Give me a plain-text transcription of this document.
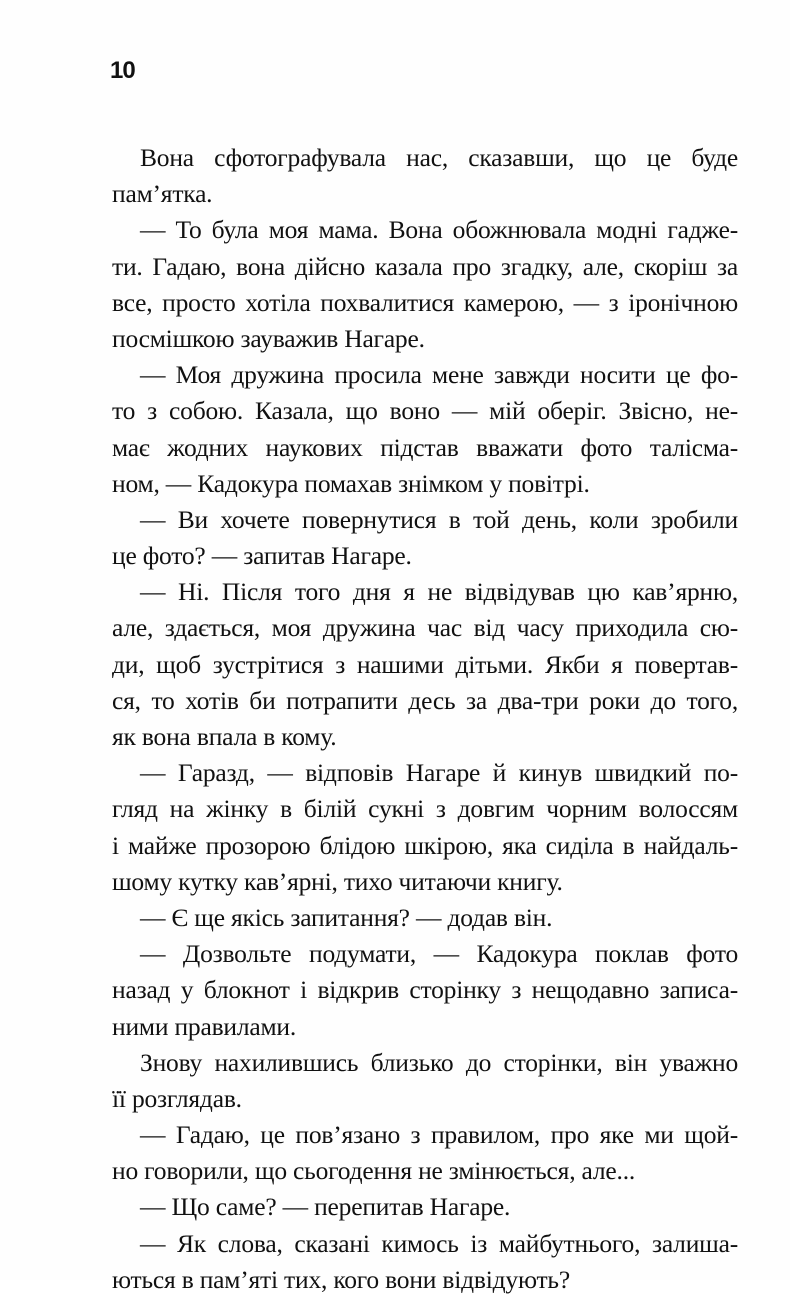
10
Вона сфотографувала нас, сказавши, що це буде
пам’ятка.
— То була моя мама. Вона обожнювала модні гадже-
ти. Гадаю, вона дійсно казала про згадку, але, скоріш за
все, просто хотіла похвалитися камерою, — з іронічною
посмішкою зауважив Нагаре.
— Моя дружина просила мене завжди носити це фо-
то з собою. Казала, що воно — мій оберіг. Звісно, не-
має жодних наукових підстав вважати фото талісма-
ном, — Кадокура помахав знімком у повітрі.
— Ви хочете повернутися в той день, коли зробили
це фото? — запитав Нагаре.
— Ні. Після того дня я не відвідував цю кав’ярню,
але, здається, моя дружина час від часу приходила сю-
ди, щоб зустрітися з нашими дітьми. Якби я повертав-
ся, то хотів би потрапити десь за два-три роки до того,
як вона впала в кому.
— Гаразд, — відповів Нагаре й кинув швидкий по-
гляд на жінку в білій сукні з довгим чорним волоссям
і майже прозорою блідою шкірою, яка сиділа в найдаль-
шому кутку кав’ярні, тихо читаючи книгу.
— Є ще якісь запитання? — додав він.
— Дозвольте подумати, — Кадокура поклав фото
назад у блокнот і відкрив сторінку з нещодавно записа-
ними правилами.
Знову нахилившись близько до сторінки, він уважно
її розглядав.
— Гадаю, це пов’язано з правилом, про яке ми щой-
но говорили, що сьогодення не змінюється, але...
— Що саме? — перепитав Нагаре.
— Як слова, сказані кимось із майбутнього, залиша-
ються в пам’яті тих, кого вони відвідують?
